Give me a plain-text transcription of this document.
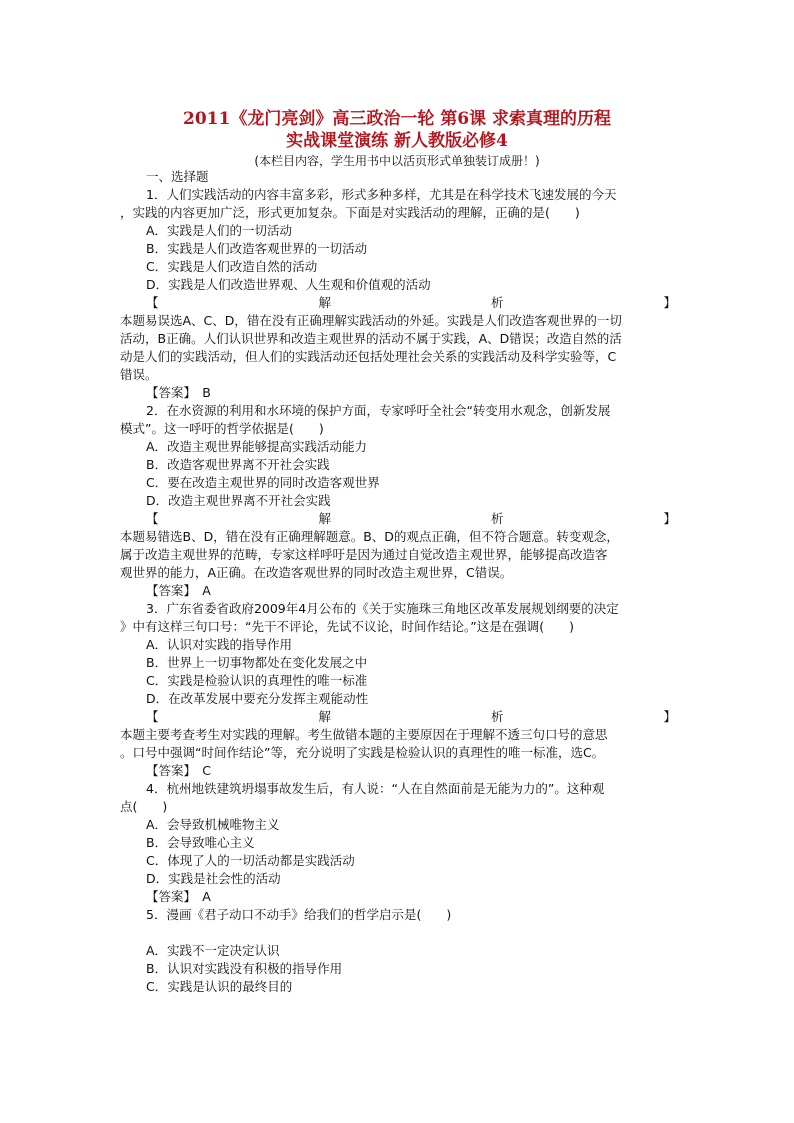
2011《龙门亮剑》高三政治一轮 第6课 求索真理的历程
实战课堂演练 新人教版必修4
(本栏目内容，学生用书中以活页形式单独装订成册！)
一、选择题
1．人们实践活动的内容丰富多彩，形式多种多样，尤其是在科学技术飞速发展的今天
，实践的内容更加广泛，形式更加复杂。下面是对实践活动的理解，正确的是(　　)
A．实践是人们的一切活动
B．实践是人们改造客观世界的一切活动
C．实践是人们改造自然的活动
D．实践是人们改造世界观、人生观和价值观的活动
【	解	析	】
本题易误选A、C、D，错在没有正确理解实践活动的外延。实践是人们改造客观世界的一切
活动，B正确。人们认识世界和改造主观世界的活动不属于实践，A、D错误；改造自然的活
动是人们的实践活动，但人们的实践活动还包括处理社会关系的实践活动及科学实验等，C
错误。
【答案】　B
2．在水资源的利用和水环境的保护方面，专家呼吁全社会“转变用水观念，创新发展
模式”。这一呼吁的哲学依据是(　　)
A．改造主观世界能够提高实践活动能力
B．改造客观世界离不开社会实践
C．要在改造主观世界的同时改造客观世界
D．改造主观世界离不开社会实践
【	解	析	】
本题易错选B、D，错在没有正确理解题意。B、D的观点正确，但不符合题意。转变观念，
属于改造主观世界的范畴，专家这样呼吁是因为通过自觉改造主观世界，能够提高改造客
观世界的能力，A正确。在改造客观世界的同时改造主观世界，C错误。
【答案】　A
3．广东省委省政府2009年4月公布的《关于实施珠三角地区改革发展规划纲要的决定
》中有这样三句口号：“先干不评论，先试不议论，时间作结论。”这是在强调(　　)
A．认识对实践的指导作用
B．世界上一切事物都处在变化发展之中
C．实践是检验认识的真理性的唯一标准
D．在改革发展中要充分发挥主观能动性
【	解	析	】
本题主要考查考生对实践的理解。考生做错本题的主要原因在于理解不透三句口号的意思
。口号中强调“时间作结论”等，充分说明了实践是检验认识的真理性的唯一标准，选C。
【答案】　C
4．杭州地铁建筑坍塌事故发生后，有人说：“人在自然面前是无能为力的”。这种观
点(　　)
A．会导致机械唯物主义
B．会导致唯心主义
C．体现了人的一切活动都是实践活动
D．实践是社会性的活动
【答案】　A
5．漫画《君子动口不动手》给我们的哲学启示是(　　)
A．实践不一定决定认识
B．认识对实践没有积极的指导作用
C．实践是认识的最终目的
